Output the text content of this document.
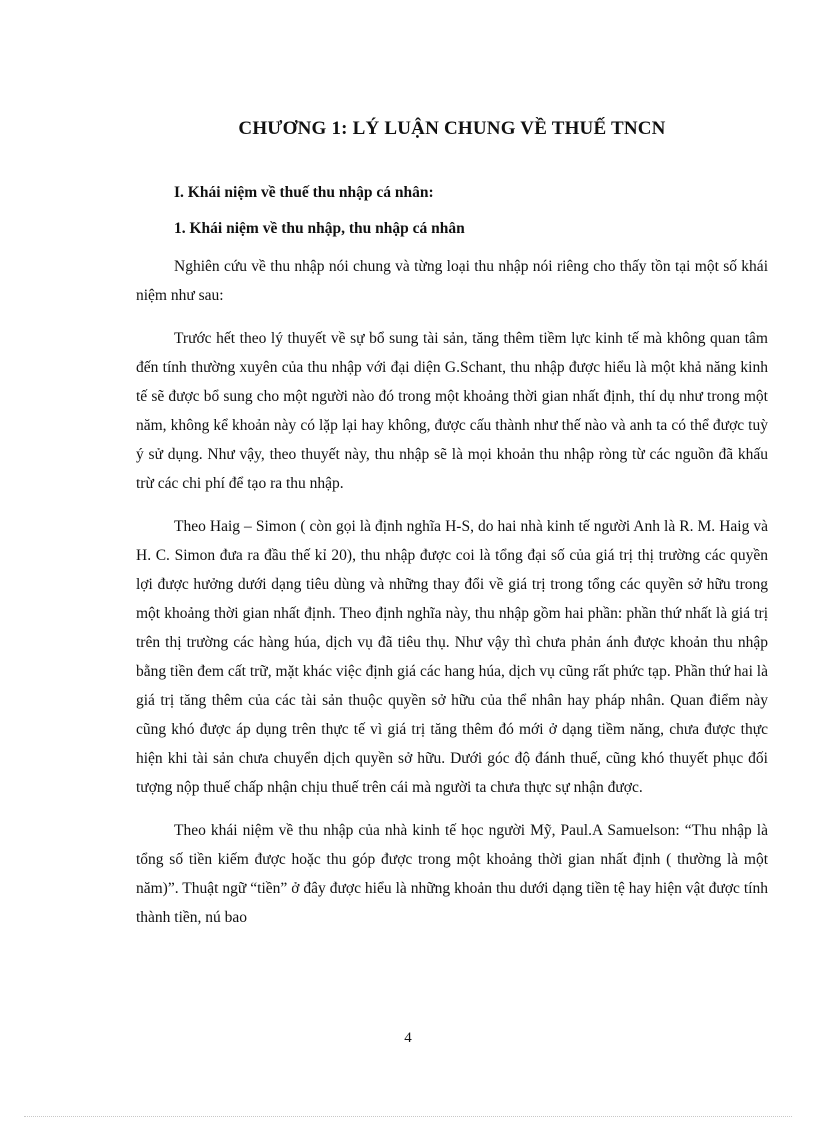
CHƯƠNG 1: LÝ LUẬN CHUNG VỀ THUẾ TNCN
I. Khái niệm về thuế thu nhập cá nhân:
1. Khái niệm về thu nhập, thu nhập cá nhân

Nghiên cứu về thu nhập nói chung và từng loại thu nhập nói riêng cho thấy tồn tại một số khái niệm như sau:

Trước hết theo lý thuyết về sự bổ sung tài sản, tăng thêm tiềm lực kinh tế mà không quan tâm đến tính thường xuyên của thu nhập với đại diện G.Schant, thu nhập được hiểu là một khả năng kinh tế sẽ được bổ sung cho một người nào đó trong một khoảng thời gian nhất định, thí dụ như trong một năm, không kể khoản này có lặp lại hay không, được cấu thành như thế nào và anh ta có thể được tuỳ ý sử dụng. Như vậy, theo thuyết này, thu nhập sẽ là mọi khoản thu nhập ròng từ các nguồn đã khấu trừ các chi phí để tạo ra thu nhập.

Theo Haig – Simon ( còn gọi là định nghĩa H-S, do hai nhà kinh tế người Anh là R. M. Haig và H. C. Simon đưa ra đầu thế kỉ 20), thu nhập được coi là tổng đại số của giá trị thị trường các quyền lợi được hưởng dưới dạng tiêu dùng và những thay đổi về giá trị trong tổng các quyền sở hữu trong một khoảng thời gian nhất định. Theo định nghĩa này, thu nhập gồm hai phần: phần thứ nhất là giá trị trên thị trường các hàng húa, dịch vụ đã tiêu thụ. Như vậy thì chưa phản ánh được khoản thu nhập bằng tiền đem cất trữ, mặt khác việc định giá các hang húa, dịch vụ cũng rất phức tạp. Phần thứ hai là giá trị tăng thêm của các tài sản thuộc quyền sở hữu của thể nhân hay pháp nhân. Quan điểm này cũng khó được áp dụng trên thực tế vì giá trị tăng thêm đó mới ở dạng tiềm năng, chưa được thực hiện khi tài sản chưa chuyển dịch quyền sở hữu. Dưới góc độ đánh thuế, cũng khó thuyết phục đối tượng nộp thuế chấp nhận chịu thuế trên cái mà người ta chưa thực sự nhận được.

Theo khái niệm về thu nhập của nhà kinh tế học người Mỹ, Paul.A Samuelson: “Thu nhập là tổng số tiền kiếm được hoặc thu góp được trong một khoảng thời gian nhất định ( thường là một năm)”. Thuật ngữ “tiền” ở đây được hiểu là những khoản thu dưới dạng tiền tệ hay hiện vật được tính thành tiền, nú bao

4
